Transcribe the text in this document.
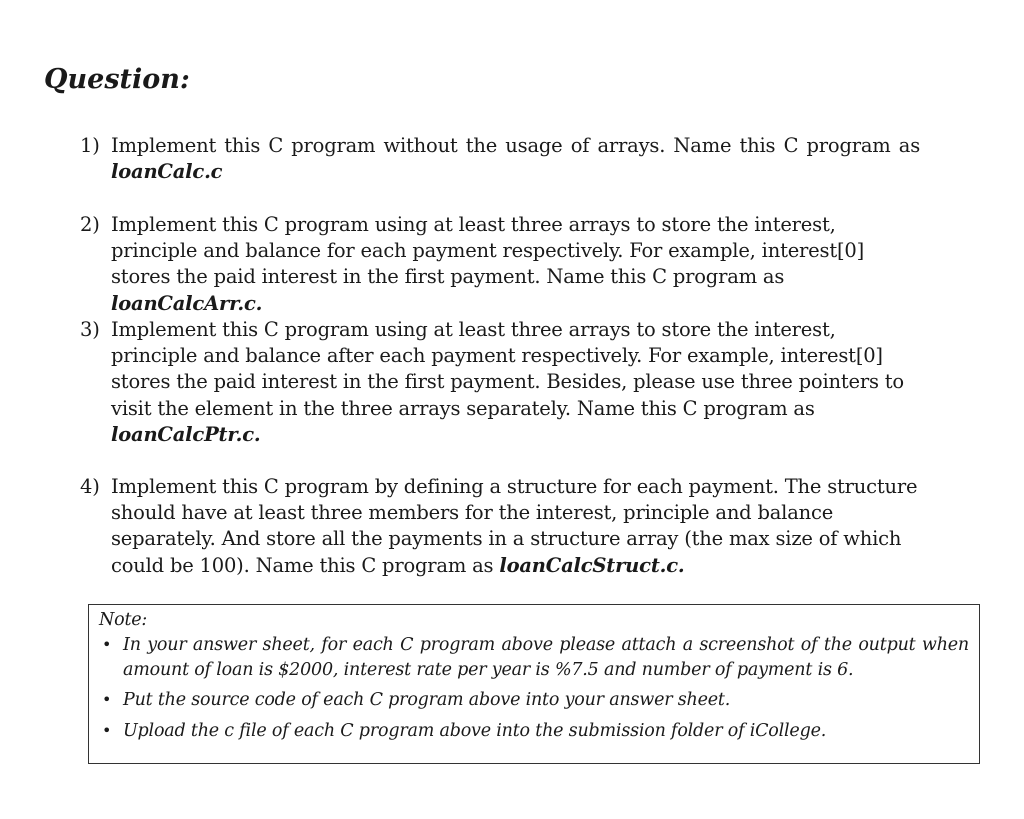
Question:
1) Implement this C program without the usage of arrays. Name this C program as loanCalc.c
2) Implement this C program using at least three arrays to store the interest, principle and balance for each payment respectively. For example, interest[0] stores the paid interest in the first payment. Name this C program as loanCalcArr.c.
3) Implement this C program using at least three arrays to store the interest, principle and balance after each payment respectively. For example, interest[0] stores the paid interest in the first payment. Besides, please use three pointers to visit the element in the three arrays separately. Name this C program as loanCalcPtr.c.
4) Implement this C program by defining a structure for each payment. The structure should have at least three members for the interest, principle and balance separately. And store all the payments in a structure array (the max size of which could be 100). Name this C program as loanCalcStruct.c.
Note:
• In your answer sheet, for each C program above please attach a screenshot of the output when amount of loan is $2000, interest rate per year is %7.5 and number of payment is 6.
• Put the source code of each C program above into your answer sheet.
• Upload the c file of each C program above into the submission folder of iCollege.
